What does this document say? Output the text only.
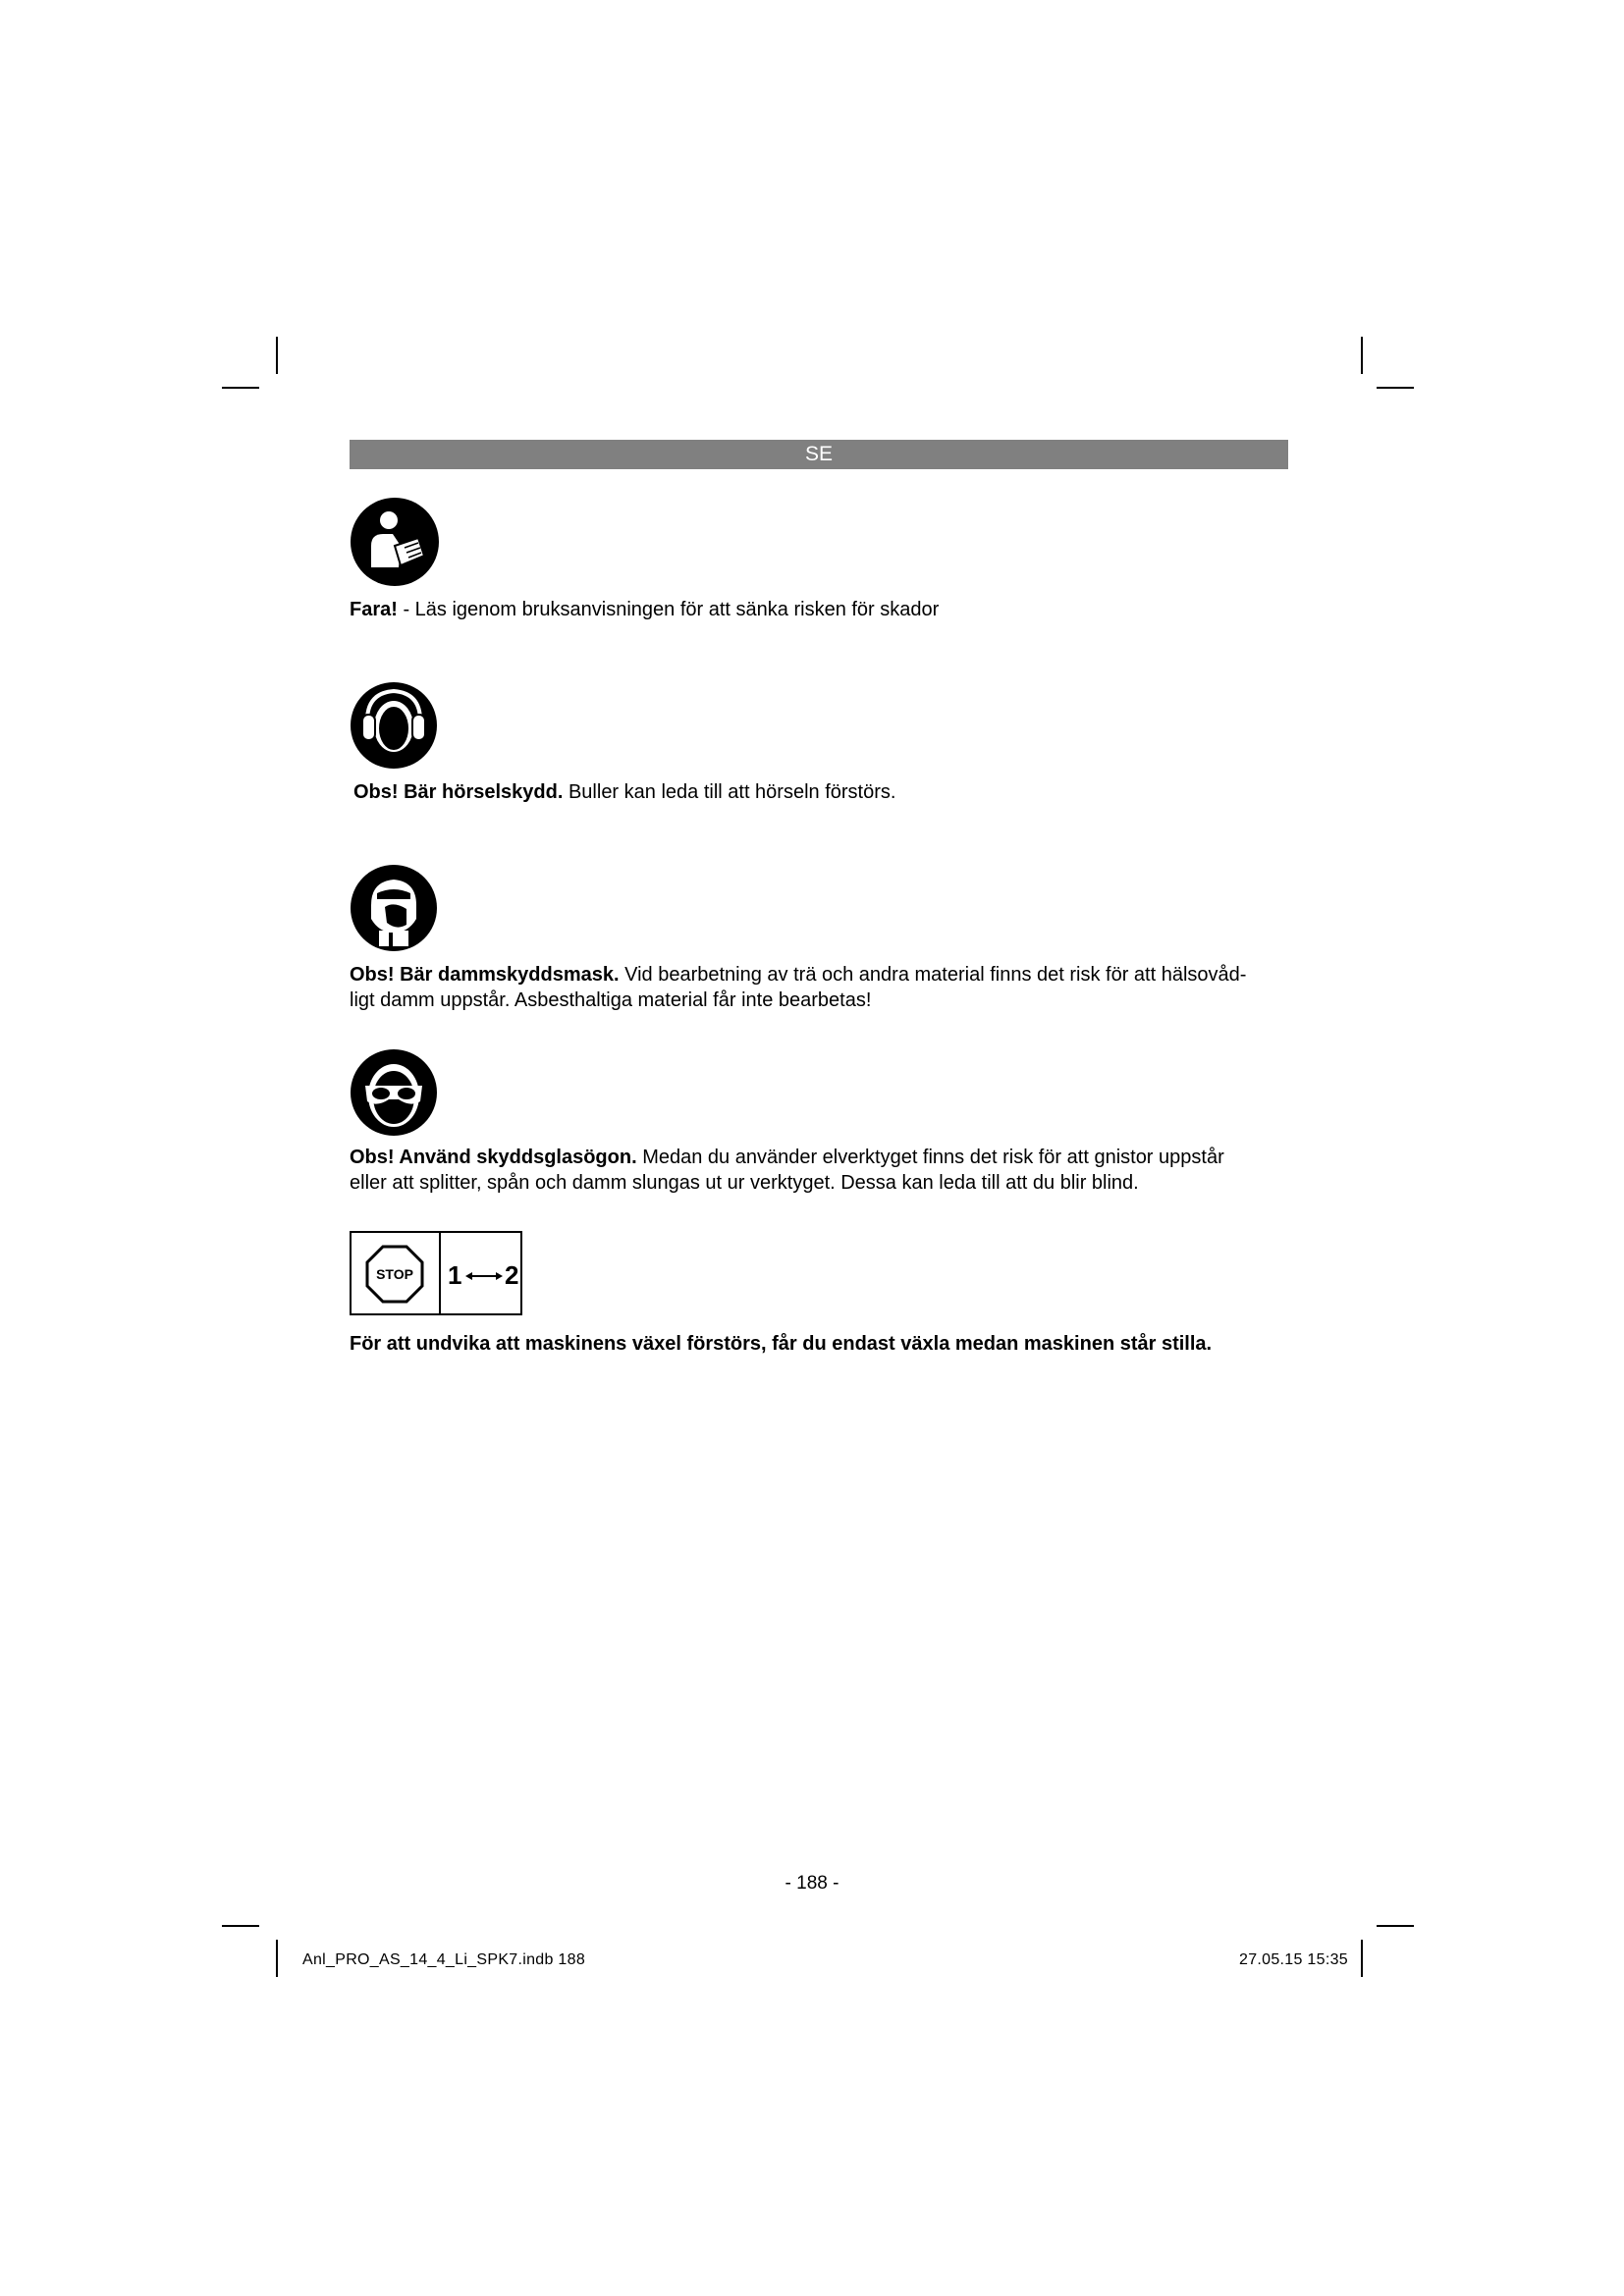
SE
Fara! - Läs igenom bruksanvisningen för att sänka risken för skador
Obs! Bär hörselskydd. Buller kan leda till att hörseln förstörs.
Obs! Bär dammskyddsmask. Vid bearbetning av trä och andra material finns det risk för att hälsovåd-
ligt damm uppstår. Asbesthaltiga material får inte bearbetas!
Obs! Använd skyddsglasögon. Medan du använder elverktyget finns det risk för att gnistor uppstår
eller att splitter, spån och damm slungas ut ur verktyget. Dessa kan leda till att du blir blind.
STOP 1 2
För att undvika att maskinens växel förstörs, får du endast växla medan maskinen står stilla.
- 188 -
Anl_PRO_AS_14_4_Li_SPK7.indb 188	27.05.15 15:35
